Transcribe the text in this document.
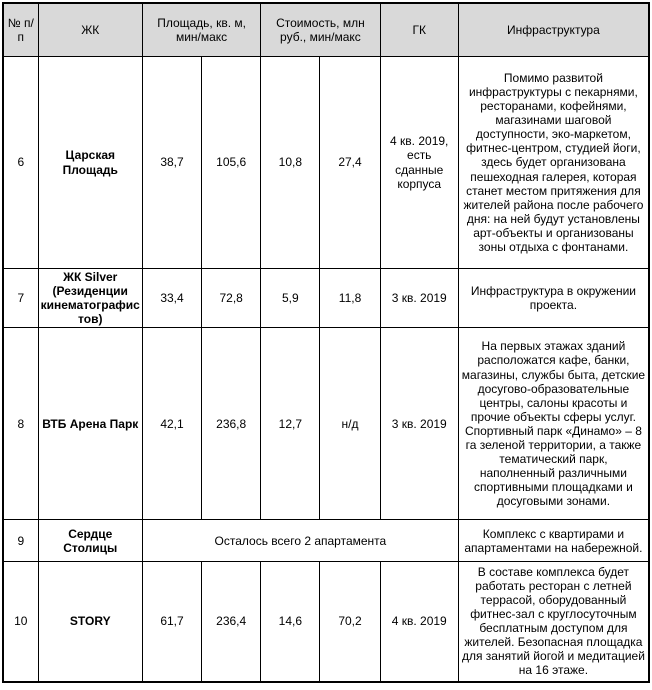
№ п/п	ЖК	Площадь, кв. м, мин/макс		Стоимость, млн руб., мин/макс		ГК	Инфраструктура
6	Царская Площадь	38,7	105,6	10,8	27,4	4 кв. 2019, есть сданные корпуса	Помимо развитой инфраструктуры с пекарнями, ресторанами, кофейнями, магазинами шаговой доступности, эко-маркетом, фитнес-центром, студией йоги, здесь будет организована пешеходная галерея, которая станет местом притяжения для жителей района после рабочего дня: на ней будут установлены арт-объекты и организованы зоны отдыха с фонтанами.
7	ЖК Silver (Резиденции кинематографистов)	33,4	72,8	5,9	11,8	3 кв. 2019	Инфраструктура в окружении проекта.
8	ВТБ Арена Парк	42,1	236,8	12,7	н/д	3 кв. 2019	На первых этажах зданий расположатся кафе, банки, магазины, службы быта, детские досугово-образовательные центры, салоны красоты и прочие объекты сферы услуг. Спортивный парк «Динамо» – 8 га зеленой территории, а также тематический парк, наполненный различными спортивными площадками и досуговыми зонами.
9	Сердце Столицы	Осталось всего 2 апартамента					Комплекс с квартирами и апартаментами на набережной.
10	STORY	61,7	236,4	14,6	70,2	4 кв. 2019	В составе комплекса будет работать ресторан с летней террасой, оборудованный фитнес-зал с круглосуточным бесплатным доступом для жителей. Безопасная площадка для занятий йогой и медитацией на 16 этаже.
